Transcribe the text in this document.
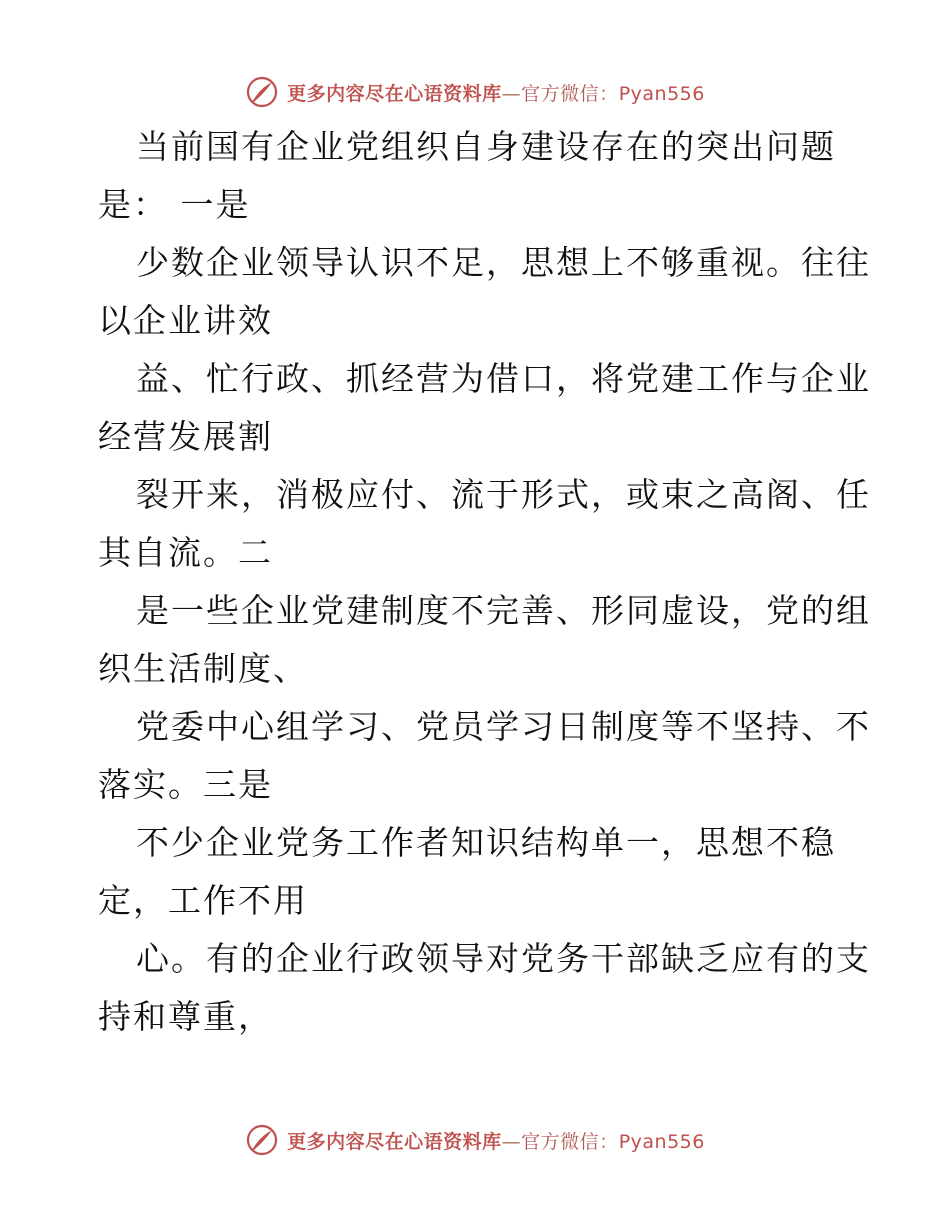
更多内容尽在心语资料库—官方微信：Pyan556
当前国有企业党组织自身建设存在的突出问题
是： 一是
少数企业领导认识不足，思想上不够重视。往往
以企业讲效
益、忙行政、抓经营为借口，将党建工作与企业
经营发展割
裂开来，消极应付、流于形式，或束之高阁、任
其自流。二
是一些企业党建制度不完善、形同虚设，党的组
织生活制度、
党委中心组学习、党员学习日制度等不坚持、不
落实。三是
不少企业党务工作者知识结构单一，思想不稳
定，工作不用
心。有的企业行政领导对党务干部缺乏应有的支
持和尊重，
更多内容尽在心语资料库—官方微信：Pyan556
